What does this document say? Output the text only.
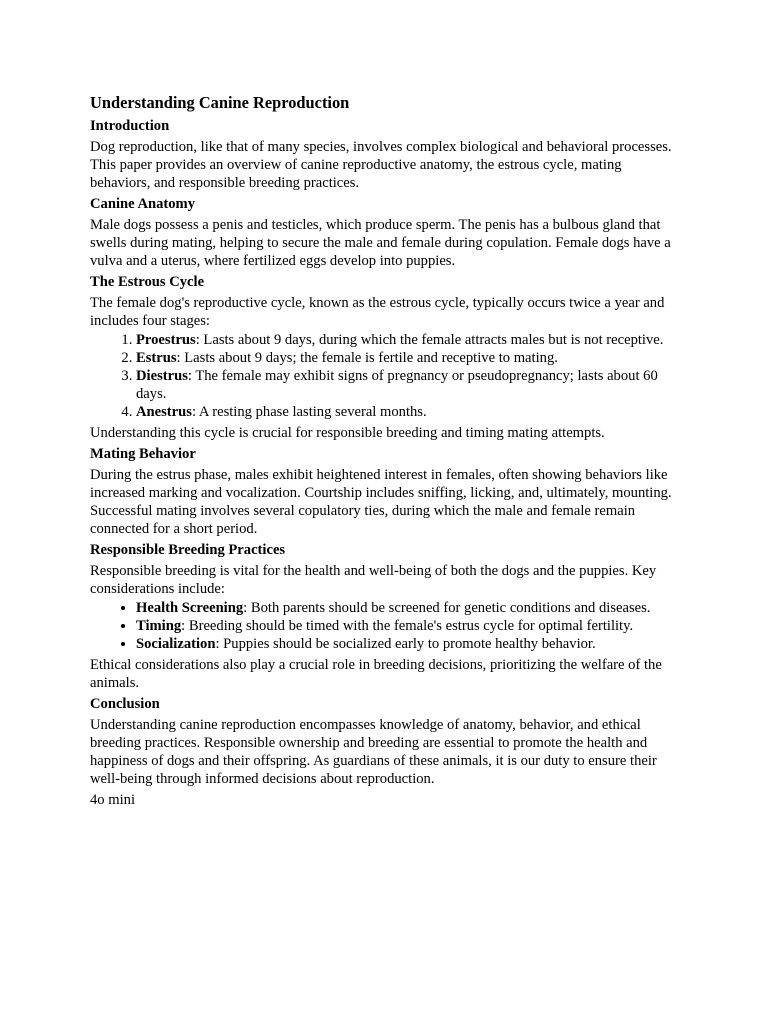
Understanding Canine Reproduction
Introduction

Dog reproduction, like that of many species, involves complex biological and behavioral processes. This paper provides an overview of canine reproductive anatomy, the estrous cycle, mating behaviors, and responsible breeding practices.

Canine Anatomy

Male dogs possess a penis and testicles, which produce sperm. The penis has a bulbous gland that swells during mating, helping to secure the male and female during copulation. Female dogs have a vulva and a uterus, where fertilized eggs develop into puppies.

The Estrous Cycle

The female dog's reproductive cycle, known as the estrous cycle, typically occurs twice a year and includes four stages:

1. Proestrus: Lasts about 9 days, during which the female attracts males but is not receptive.
2. Estrus: Lasts about 9 days; the female is fertile and receptive to mating.
3. Diestrus: The female may exhibit signs of pregnancy or pseudopregnancy; lasts about 60 days.
4. Anestrus: A resting phase lasting several months.

Understanding this cycle is crucial for responsible breeding and timing mating attempts.

Mating Behavior

During the estrus phase, males exhibit heightened interest in females, often showing behaviors like increased marking and vocalization. Courtship includes sniffing, licking, and, ultimately, mounting. Successful mating involves several copulatory ties, during which the male and female remain connected for a short period.

Responsible Breeding Practices

Responsible breeding is vital for the health and well-being of both the dogs and the puppies. Key considerations include:

• Health Screening: Both parents should be screened for genetic conditions and diseases.
• Timing: Breeding should be timed with the female's estrus cycle for optimal fertility.
• Socialization: Puppies should be socialized early to promote healthy behavior.

Ethical considerations also play a crucial role in breeding decisions, prioritizing the welfare of the animals.

Conclusion

Understanding canine reproduction encompasses knowledge of anatomy, behavior, and ethical breeding practices. Responsible ownership and breeding are essential to promote the health and happiness of dogs and their offspring. As guardians of these animals, it is our duty to ensure their well-being through informed decisions about reproduction.

4o mini
